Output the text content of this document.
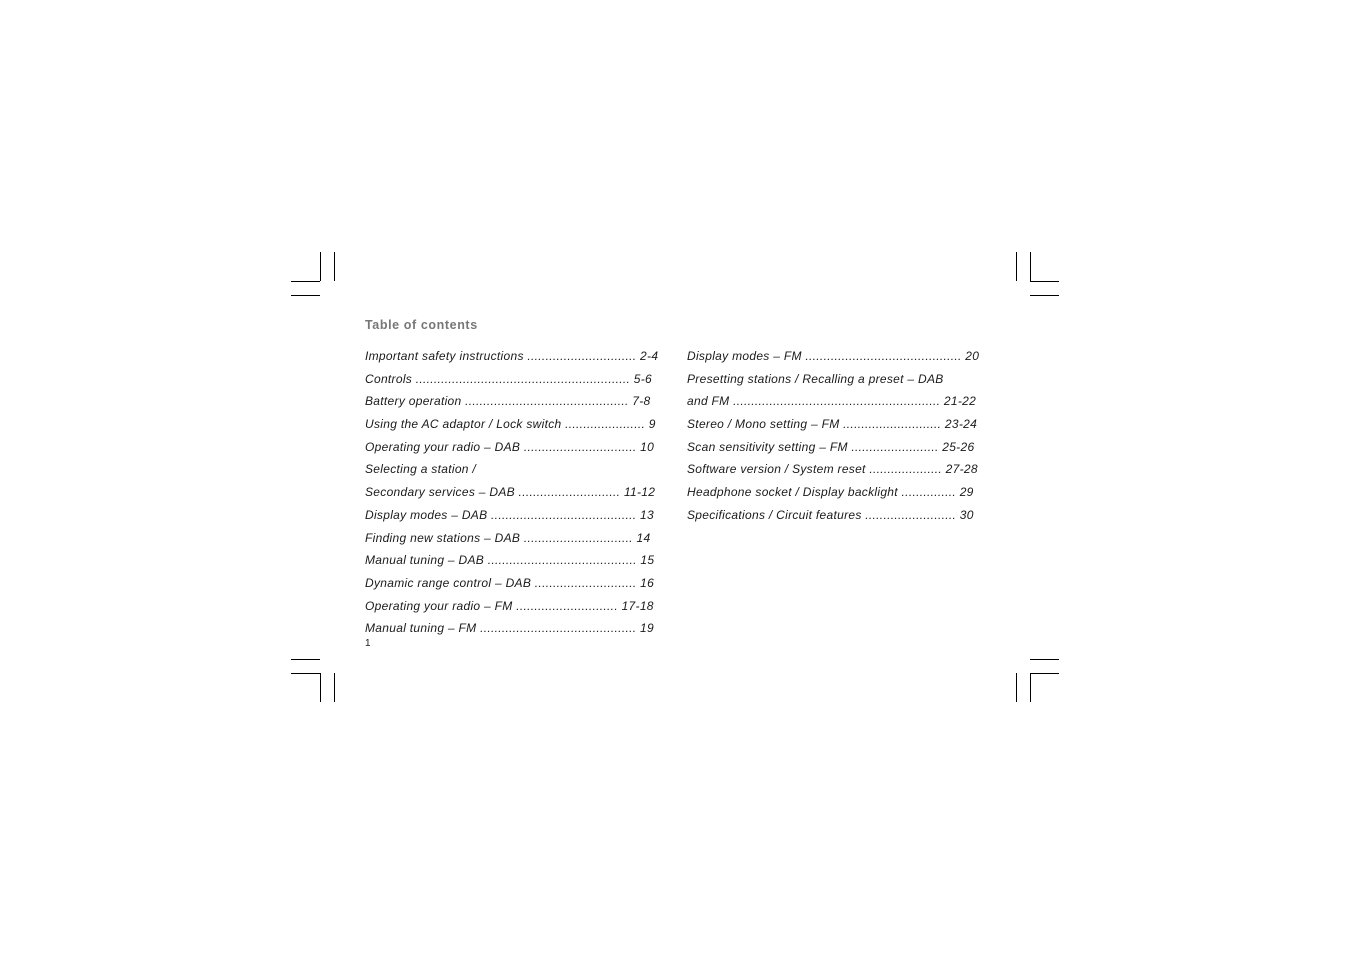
Table of contents
Important safety instructions .............................. 2-4
Controls ........................................................... 5-6
Battery operation ............................................. 7-8
Using the AC adaptor / Lock switch ...................... 9
Operating your radio – DAB ............................... 10
Selecting a station /
Secondary services – DAB ............................ 11-12
Display modes – DAB ........................................ 13
Finding new stations – DAB .............................. 14
Manual tuning – DAB ......................................... 15
Dynamic range control – DAB ............................ 16
Operating your radio – FM ............................ 17-18
Manual tuning – FM ........................................... 19
Display modes – FM ........................................... 20
Presetting stations / Recalling a preset – DAB
and FM ......................................................... 21-22
Stereo / Mono setting – FM ........................... 23-24
Scan sensitivity setting – FM ........................ 25-26
Software version / System reset .................... 27-28
Headphone socket / Display backlight ............... 29
Specifications / Circuit features ......................... 30
1
